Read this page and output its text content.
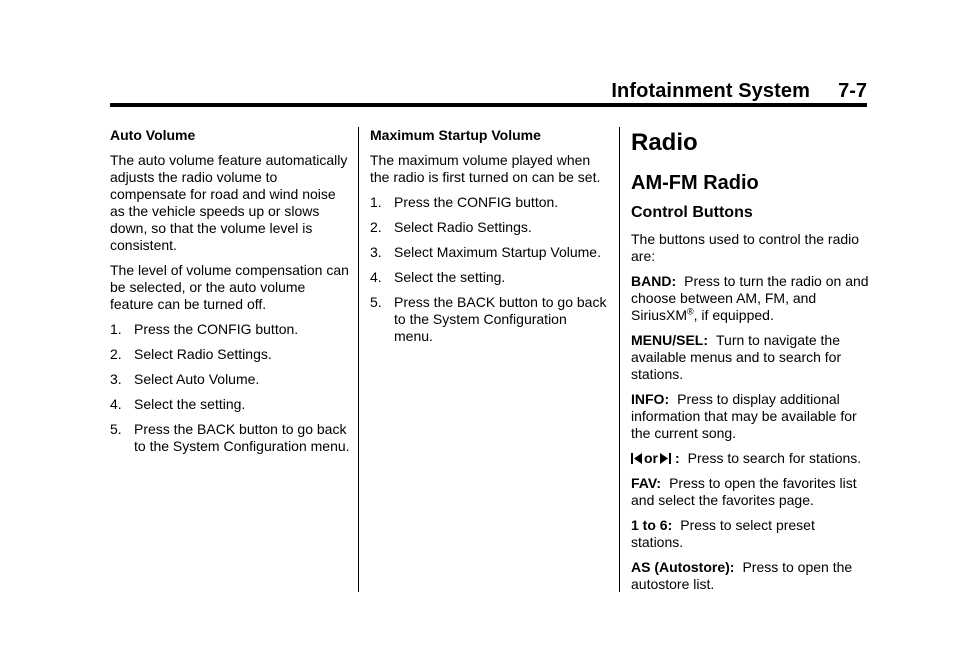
Infotainment System 7-7

Auto Volume

The auto volume feature automatically adjusts the radio volume to compensate for road and wind noise as the vehicle speeds up or slows down, so that the volume level is consistent.

The level of volume compensation can be selected, or the auto volume feature can be turned off.

1. Press the CONFIG button.
2. Select Radio Settings.
3. Select Auto Volume.
4. Select the setting.
5. Press the BACK button to go back to the System Configuration menu.

Maximum Startup Volume

The maximum volume played when the radio is first turned on can be set.

1. Press the CONFIG button.
2. Select Radio Settings.
3. Select Maximum Startup Volume.
4. Select the setting.
5. Press the BACK button to go back to the System Configuration menu.
Radio
AM-FM Radio
Control Buttons

The buttons used to control the radio are:

BAND: Press to turn the radio on and choose between AM, FM, and SiriusXM®, if equipped.

MENU/SEL: Turn to navigate the available menus and to search for stations.

INFO: Press to display additional information that may be available for the current song.

or : Press to search for stations.

FAV: Press to open the favorites list and select the favorites page.

1 to 6: Press to select preset stations.

AS (Autostore): Press to open the autostore list.
